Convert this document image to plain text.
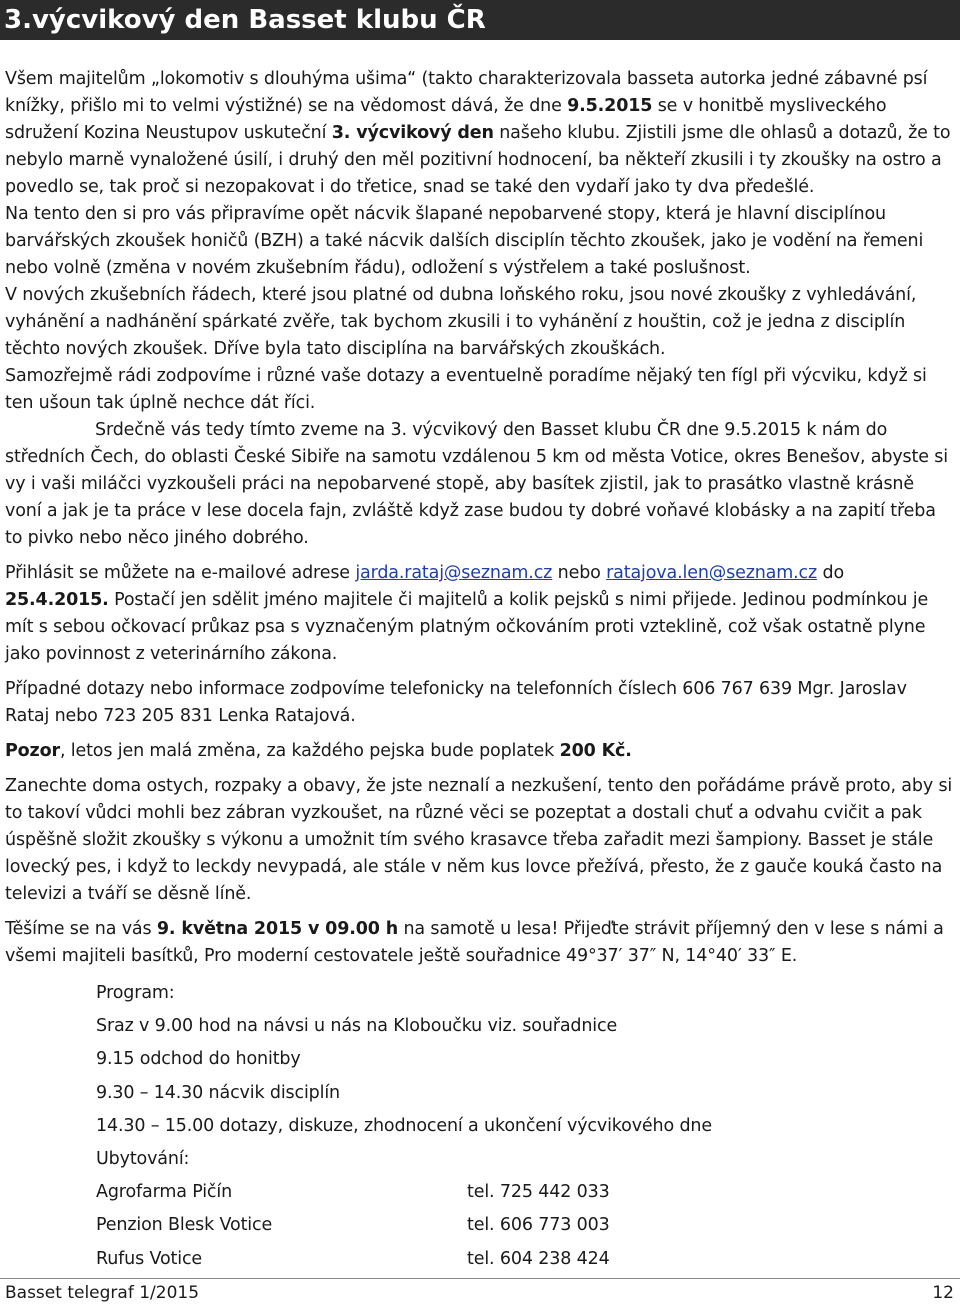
3.výcvikový den Basset klubu ČR

Všem majitelům „lokomotiv s dlouhýma ušima“ (takto charakterizovala basseta autorka jedné zábavné psí knížky, přišlo mi to velmi výstižné) se na vědomost dává, že dne 9.5.2015 se v honitbě mysliveckého sdružení Kozina Neustupov uskuteční 3. výcvikový den našeho klubu. Zjistili jsme dle ohlasů a dotazů, že to nebylo marně vynaložené úsilí, i druhý den měl pozitivní hodnocení, ba někteří zkusili i ty zkoušky na ostro a povedlo se, tak proč si nezopakovat i do třetice, snad se také den vydaří jako ty dva předešlé.

Na tento den si pro vás připravíme opět nácvik šlapané nepobarvené stopy, která je hlavní disciplínou barvářských zkoušek honičů (BZH) a také nácvik dalších disciplín těchto zkoušek, jako je vodění na řemeni nebo volně (změna v novém zkušebním řádu), odložení s výstřelem a také poslušnost.

V nových zkušebních řádech, které jsou platné od dubna loňského roku, jsou nové zkoušky z vyhledávání, vyhánění a nadhánění spárkaté zvěře, tak bychom zkusili i to vyhánění z houštin, což je jedna z disciplín těchto nových zkoušek. Dříve byla tato disciplína na barvářských zkouškách.

Samozřejmě rádi zodpovíme i různé vaše dotazy a eventuelně poradíme nějaký ten fígl při výcviku, když si ten ušoun tak úplně nechce dát říci.

Srdečně vás tedy tímto zveme na 3. výcvikový den Basset klubu ČR dne 9.5.2015 k nám do středních Čech, do oblasti České Sibiře na samotu vzdálenou 5 km od města Votice, okres Benešov, abyste si vy i vaši miláčci vyzkoušeli práci na nepobarvené stopě, aby basítek zjistil, jak to prasátko vlastně krásně voní a jak je ta práce v lese docela fajn, zvláště když zase budou ty dobré voňavé klobásky a na zapití třeba to pivko nebo něco jiného dobrého.

Přihlásit se můžete na e-mailové adrese jarda.rataj@seznam.cz nebo ratajova.len@seznam.cz do 25.4.2015. Postačí jen sdělit jméno majitele či majitelů a kolik pejsků s nimi přijede. Jedinou podmínkou je mít s sebou očkovací průkaz psa s vyznačeným platným očkováním proti vzteklině, což však ostatně plyne jako povinnost z veterinárního zákona.

Případné dotazy nebo informace zodpovíme telefonicky na telefonních číslech 606 767 639 Mgr. Jaroslav Rataj nebo 723 205 831 Lenka Ratajová.

Pozor, letos jen malá změna, za každého pejska bude poplatek 200 Kč.

Zanechte doma ostych, rozpaky a obavy, že jste neznalí a nezkušení, tento den pořádáme právě proto, aby si to takoví vůdci mohli bez zábran vyzkoušet, na různé věci se pozeptat a dostali chuť a odvahu cvičit a pak úspěšně složit zkoušky s výkonu a umožnit tím svého krasavce třeba zařadit mezi šampiony. Basset je stále lovecký pes, i když to leckdy nevypadá, ale stále v něm kus lovce přežívá, přesto, že z gauče kouká často na televizi a tváří se děsně líně.

Těšíme se na vás 9. května 2015 v 09.00 h na samotě u lesa! Přijeďte strávit příjemný den v lese s námi a všemi majiteli basítků, Pro moderní cestovatele ještě souřadnice 49°37′ 37″ N, 14°40′ 33″ E.

Program:

Sraz v 9.00 hod na návsi u nás na Kloboučku viz. souřadnice

9.15 odchod do honitby

9.30 – 14.30 nácvik disciplín

14.30 – 15.00 dotazy, diskuze, zhodnocení a ukončení výcvikového dne

Ubytování:

Agrofarma Pičín	tel. 725 442 033

Penzion Blesk Votice	tel. 606 773 003

Rufus Votice	tel. 604 238 424

Basset telegraf 1/2015	12
